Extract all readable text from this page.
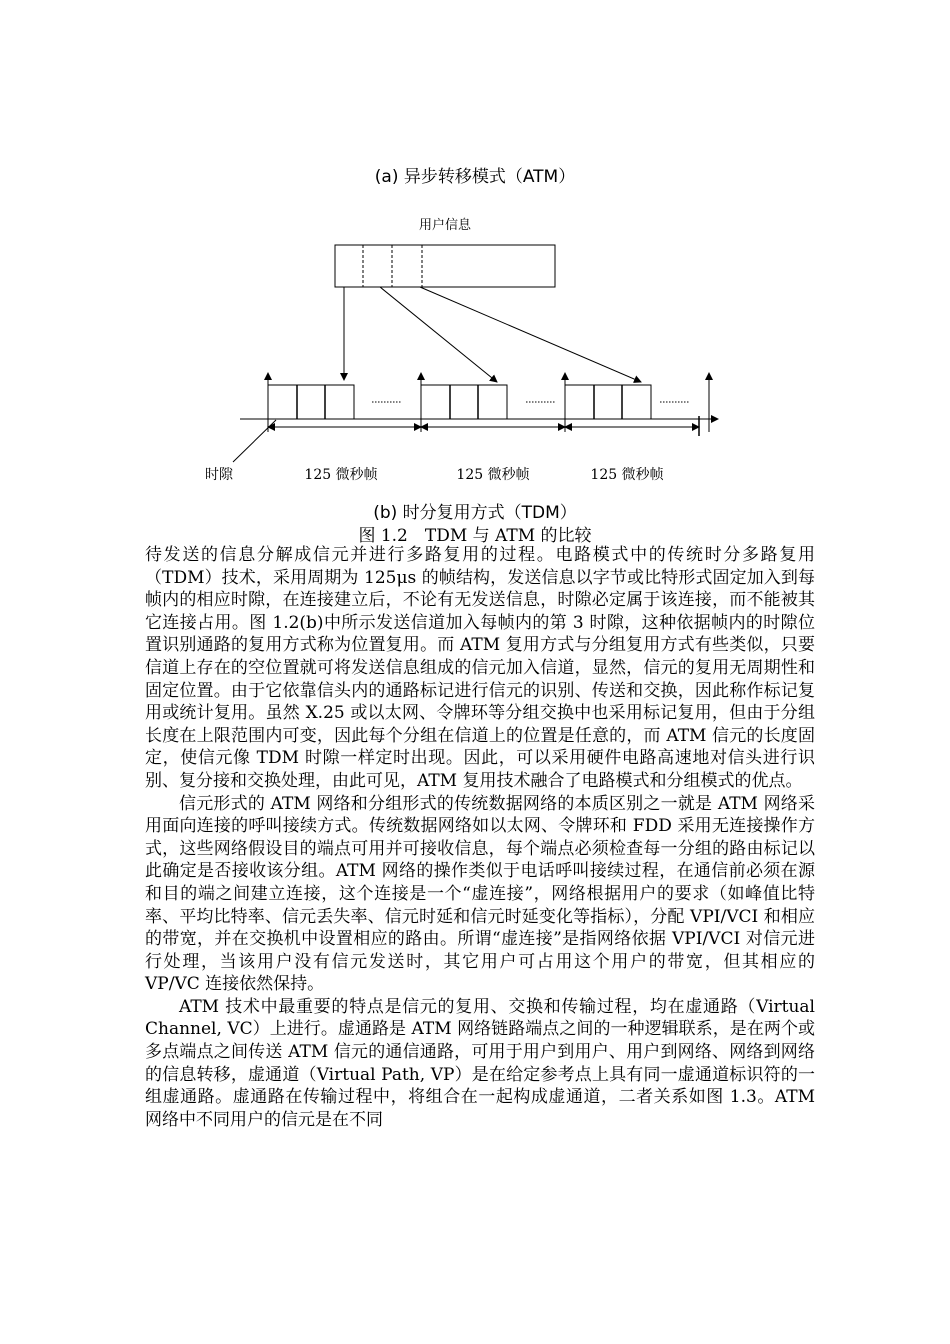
(a) 异步转移模式（ATM）
用户信息
时隙	125 微秒帧	125 微秒帧	125 微秒帧
(b) 时分复用方式（TDM）
图 1.2　TDM 与 ATM 的比较

待发送的信息分解成信元并进行多路复用的过程。电路模式中的传统时分多路复用（TDM）技术，采用周期为 125μs 的帧结构，发送信息以字节或比特形式固定加入到每帧内的相应时隙，在连接建立后，不论有无发送信息，时隙必定属于该连接，而不能被其它连接占用。图 1.2(b)中所示发送信道加入每帧内的第 3 时隙，这种依据帧内的时隙位置识别通路的复用方式称为位置复用。而 ATM 复用方式与分组复用方式有些类似，只要信道上存在的空位置就可将发送信息组成的信元加入信道，显然，信元的复用无周期性和固定位置。由于它依靠信头内的通路标记进行信元的识别、传送和交换，因此称作标记复用或统计复用。虽然 X.25 或以太网、令牌环等分组交换中也采用标记复用，但由于分组长度在上限范围内可变，因此每个分组在信道上的位置是任意的，而 ATM 信元的长度固定，使信元像 TDM 时隙一样定时出现。因此，可以采用硬件电路高速地对信头进行识别、复分接和交换处理，由此可见，ATM 复用技术融合了电路模式和分组模式的优点。

信元形式的 ATM 网络和分组形式的传统数据网络的本质区别之一就是 ATM 网络采用面向连接的呼叫接续方式。传统数据网络如以太网、令牌环和 FDD 采用无连接操作方式，这些网络假设目的端点可用并可接收信息，每个端点必须检查每一分组的路由标记以此确定是否接收该分组。ATM 网络的操作类似于电话呼叫接续过程，在通信前必须在源和目的端之间建立连接，这个连接是一个“虚连接”，网络根据用户的要求（如峰值比特率、平均比特率、信元丢失率、信元时延和信元时延变化等指标），分配 VPI/VCI 和相应的带宽，并在交换机中设置相应的路由。所谓“虚连接”是指网络依据 VPI/VCI 对信元进行处理，当该用户没有信元发送时，其它用户可占用这个用户的带宽，但其相应的 VP/VC 连接依然保持。

ATM 技术中最重要的特点是信元的复用、交换和传输过程，均在虚通路（Virtual Channel, VC）上进行。虚通路是 ATM 网络链路端点之间的一种逻辑联系，是在两个或多点端点之间传送 ATM 信元的通信通路，可用于用户到用户、用户到网络、网络到网络的信息转移，虚通道（Virtual Path, VP）是在给定参考点上具有同一虚通道标识符的一组虚通路。虚通路在传输过程中，将组合在一起构成虚通道，二者关系如图 1.3。ATM 网络中不同用户的信元是在不同
